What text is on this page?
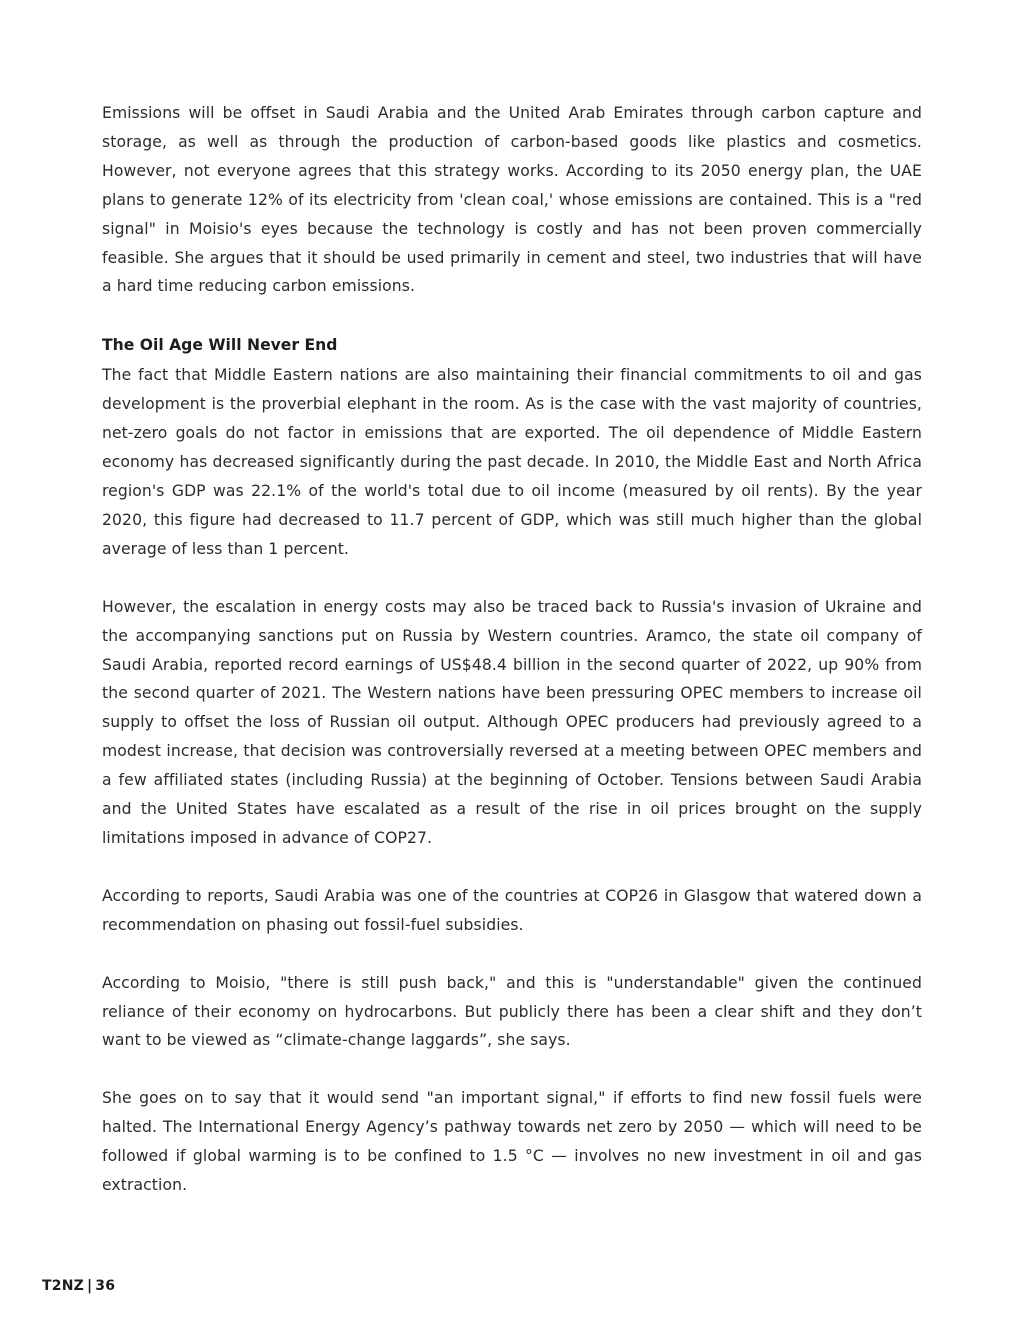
Emissions will be offset in Saudi Arabia and the United Arab Emirates through carbon capture and storage, as well as through the production of carbon-based goods like plastics and cosmetics. However, not everyone agrees that this strategy works. According to its 2050 energy plan, the UAE plans to generate 12% of its electricity from 'clean coal,' whose emissions are contained. This is a "red signal" in Moisio's eyes because the technology is costly and has not been proven commercially feasible. She argues that it should be used primarily in cement and steel, two industries that will have a hard time reducing carbon emissions.

The Oil Age Will Never End

The fact that Middle Eastern nations are also maintaining their financial commitments to oil and gas development is the proverbial elephant in the room. As is the case with the vast majority of countries, net-zero goals do not factor in emissions that are exported. The oil dependence of Middle Eastern economy has decreased significantly during the past decade. In 2010, the Middle East and North Africa region's GDP was 22.1% of the world's total due to oil income (measured by oil rents). By the year 2020, this figure had decreased to 11.7 percent of GDP, which was still much higher than the global average of less than 1 percent.

However, the escalation in energy costs may also be traced back to Russia's invasion of Ukraine and the accompanying sanctions put on Russia by Western countries. Aramco, the state oil company of Saudi Arabia, reported record earnings of US$48.4 billion in the second quarter of 2022, up 90% from the second quarter of 2021. The Western nations have been pressuring OPEC members to increase oil supply to offset the loss of Russian oil output. Although OPEC producers had previously agreed to a modest increase, that decision was controversially reversed at a meeting between OPEC members and a few affiliated states (including Russia) at the beginning of October. Tensions between Saudi Arabia and the United States have escalated as a result of the rise in oil prices brought on the supply limitations imposed in advance of COP27.

According to reports, Saudi Arabia was one of the countries at COP26 in Glasgow that watered down a recommendation on phasing out fossil-fuel subsidies.

According to Moisio, "there is still push back," and this is "understandable" given the continued reliance of their economy on hydrocarbons. But publicly there has been a clear shift and they don’t want to be viewed as “climate-change laggards”, she says.

She goes on to say that it would send "an important signal," if efforts to find new fossil fuels were halted. The International Energy Agency’s pathway towards net zero by 2050 — which will need to be followed if global warming is to be confined to 1.5 °C — involves no new investment in oil and gas extraction.

T2NZ | 36
